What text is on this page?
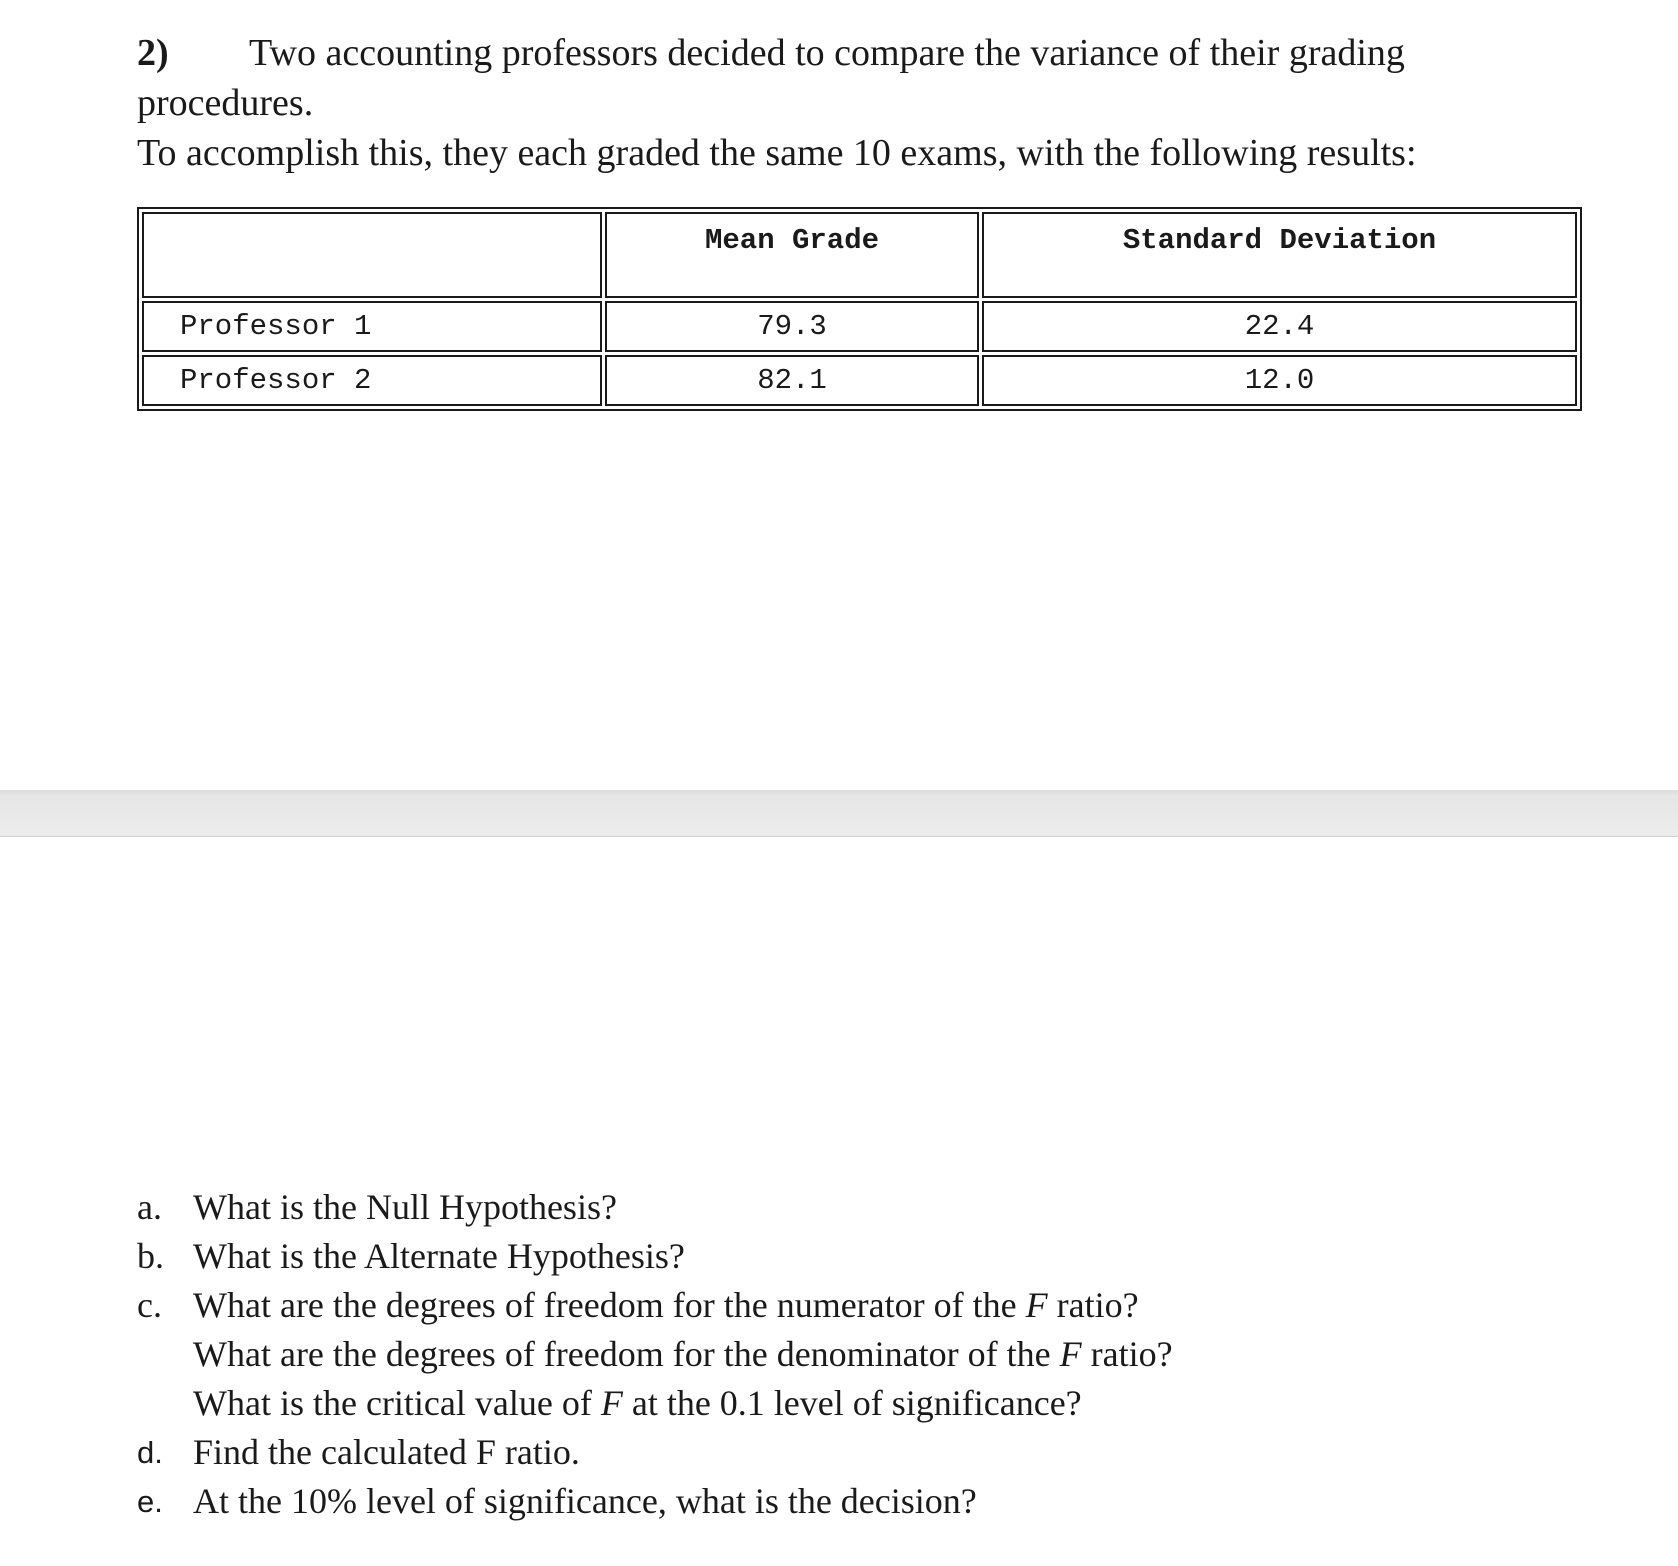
2) Two accounting professors decided to compare the variance of their grading procedures.
To accomplish this, they each graded the same 10 exams, with the following results:
	Mean Grade	Standard Deviation
Professor 1	79.3	22.4
Professor 2	82.1	12.0
a. What is the Null Hypothesis?
b. What is the Alternate Hypothesis?
c. What are the degrees of freedom for the numerator of the F ratio?
What are the degrees of freedom for the denominator of the F ratio?
What is the critical value of F at the 0.1 level of significance?
d. Find the calculated F ratio.
e. At the 10% level of significance, what is the decision?
